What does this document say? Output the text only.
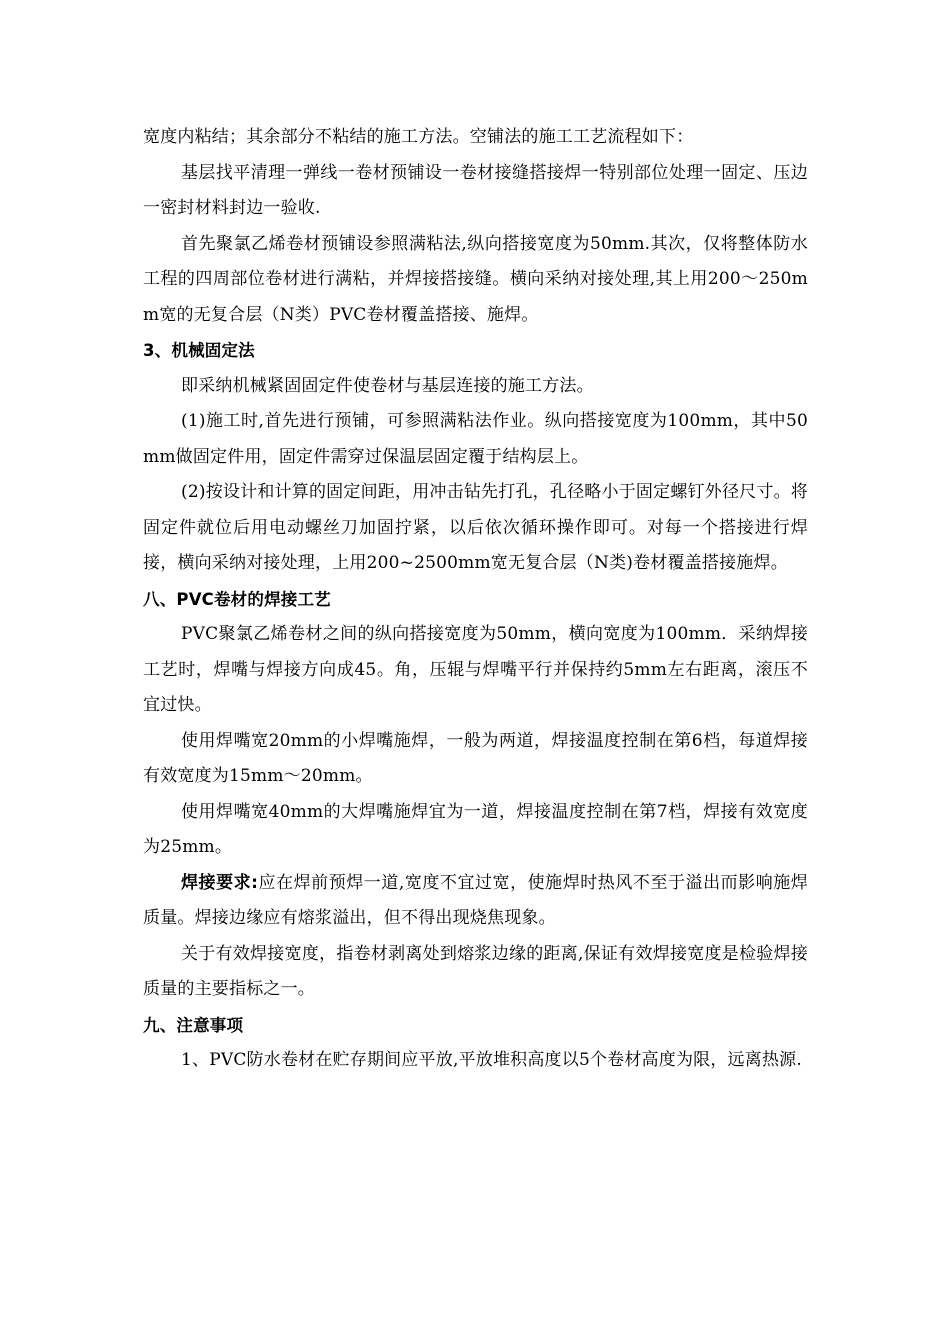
宽度内粘结；其余部分不粘结的施工方法。空铺法的施工工艺流程如下：

基层找平清理一弹线一卷材预铺设一卷材接缝搭接焊一特别部位处理一固定、压边一密封材料封边一验收.

首先聚氯乙烯卷材预铺设参照满粘法,纵向搭接宽度为50mm.其次，仅将整体防水工程的四周部位卷材进行满粘，并焊接搭接缝。横向采纳对接处理,其上用200～250mm宽的无复合层（N类）PVC卷材覆盖搭接、施焊。

3、机械固定法

即采纳机械紧固固定件使卷材与基层连接的施工方法。

(1)施工时,首先进行预铺，可参照满粘法作业。纵向搭接宽度为100mm，其中50mm做固定件用，固定件需穿过保温层固定覆于结构层上。

(2)按设计和计算的固定间距，用冲击钻先打孔，孔径略小于固定螺钉外径尺寸。将固定件就位后用电动螺丝刀加固拧紧，以后依次循环操作即可。对每一个搭接进行焊接，横向采纳对接处理，上用200~2500mm宽无复合层（N类)卷材覆盖搭接施焊。

八、PVC卷材的焊接工艺

PVC聚氯乙烯卷材之间的纵向搭接宽度为50mm，横向宽度为100mm．采纳焊接工艺时，焊嘴与焊接方向成45。角，压辊与焊嘴平行并保持约5mm左右距离，滚压不宜过快。

使用焊嘴宽20mm的小焊嘴施焊，一般为两道，焊接温度控制在第6档，每道焊接有效宽度为15mm～20mm。

使用焊嘴宽40mm的大焊嘴施焊宜为一道，焊接温度控制在第7档，焊接有效宽度为25mm。

焊接要求:应在焊前预焊一道,宽度不宜过宽，使施焊时热风不至于溢出而影响施焊质量。焊接边缘应有熔浆溢出，但不得出现烧焦现象。

关于有效焊接宽度，指卷材剥离处到熔浆边缘的距离,保证有效焊接宽度是检验焊接质量的主要指标之一。

九、注意事项

1、PVC防水卷材在贮存期间应平放,平放堆积高度以5个卷材高度为限，远离热源.
